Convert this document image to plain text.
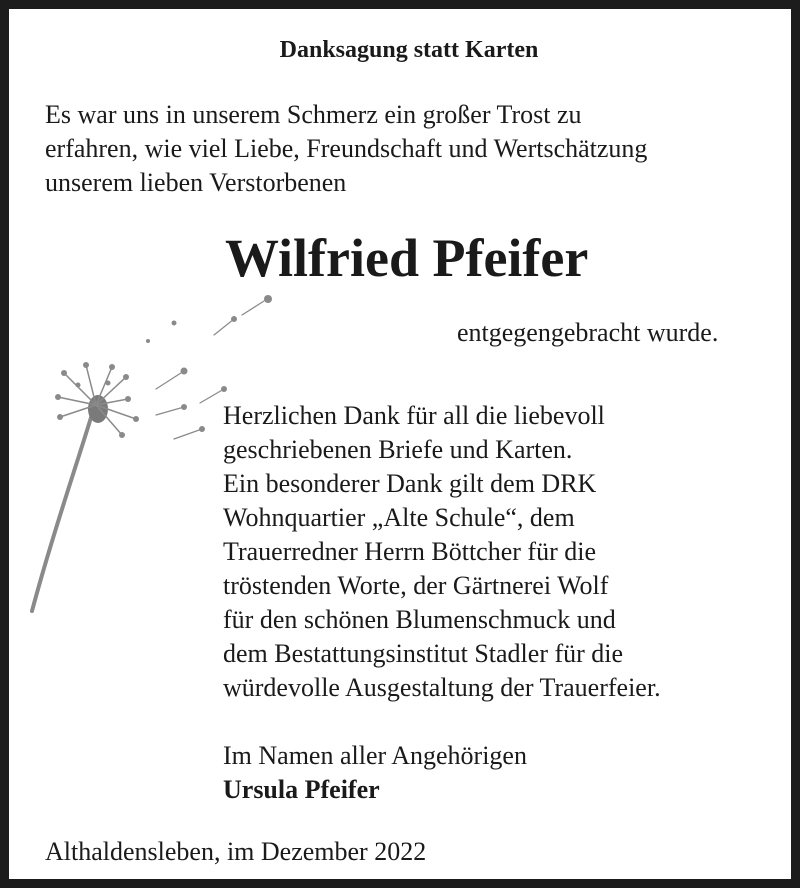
Danksagung statt Karten
Es war uns in unserem Schmerz ein großer Trost zu
erfahren, wie viel Liebe, Freundschaft und Wertschätzung
unserem lieben Verstorbenen
Wilfried Pfeifer
entgegengebracht wurde.
Herzlichen Dank für all die liebevoll
geschriebenen Briefe und Karten.
Ein besonderer Dank gilt dem DRK
Wohnquartier „Alte Schule“, dem
Trauerredner Herrn Böttcher für die
tröstenden Worte, der Gärtnerei Wolf
für den schönen Blumenschmuck und
dem Bestattungsinstitut Stadler für die
würdevolle Ausgestaltung der Trauerfeier.
Im Namen aller Angehörigen
Ursula Pfeifer
Althaldensleben, im Dezember 2022
